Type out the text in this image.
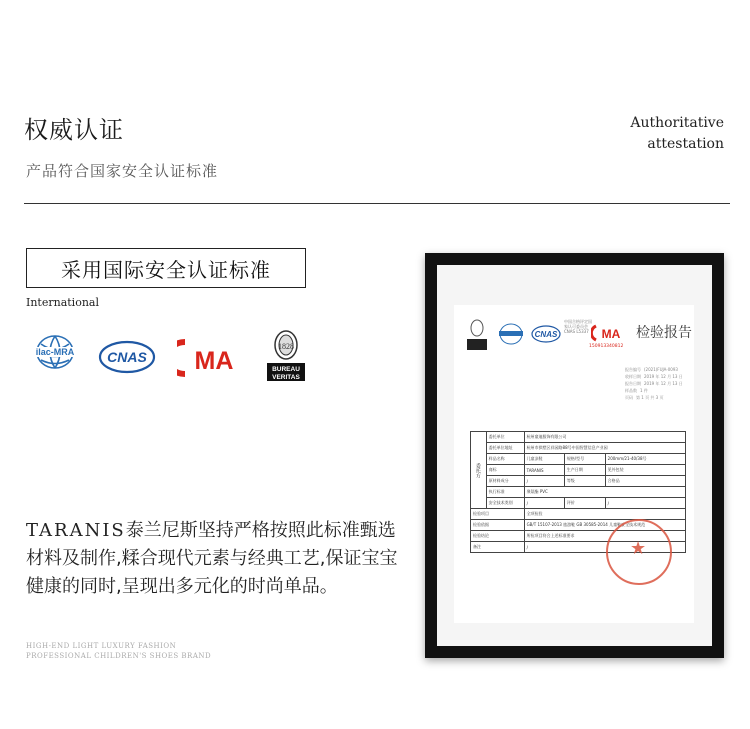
权威认证
产品符合国家安全认证标准
Authoritative
attestation
采用国际安全认证标准
International
ilac-MRA CNAS MA
1828
BUREAU
VERITAS
TARANIS泰兰尼斯坚持严格按照此标准甄选材料及制作,糅合现代元素与经典工艺,保证宝宝健康的同时,呈现出多元化的时尚单品。
HIGH-END LIGHT LUXURY FASHION
PROFESSIONAL CHILDREN'S SHOES BRAND
CNAS
中国合格评定国家认可委员会 CNAS L5337 MA
150913340812
检验报告
报告编号 (2021)FUJA-0093
收样日期 2019 年 12 月 13 日
报告日期 2019 年 12 月 13 日
样品数 1 件
页码 第 1 页 共 3 页
委托方	委托单位	杭州童迪服饰有限公司		
	委托单位地址	杭州市拱墅区祥园路88号中国智慧信息产业园		
	样品名称	儿童凉鞋	规格/型号	200mm/21-40/38号
	商标	TARANIS	生产日期	见外包装
	原材料成分	/	等级	合格品
	执行标准	聚氨酯 PVC		
	安全技术类别	/	评价	/
检验项目		全项检验		
检验依据		GB/T 15107-2013 旅游鞋 GB 30585-2014 儿童鞋安全技术规范		
检验结论		所检项目符合上述标准要求		
备注		/			★
